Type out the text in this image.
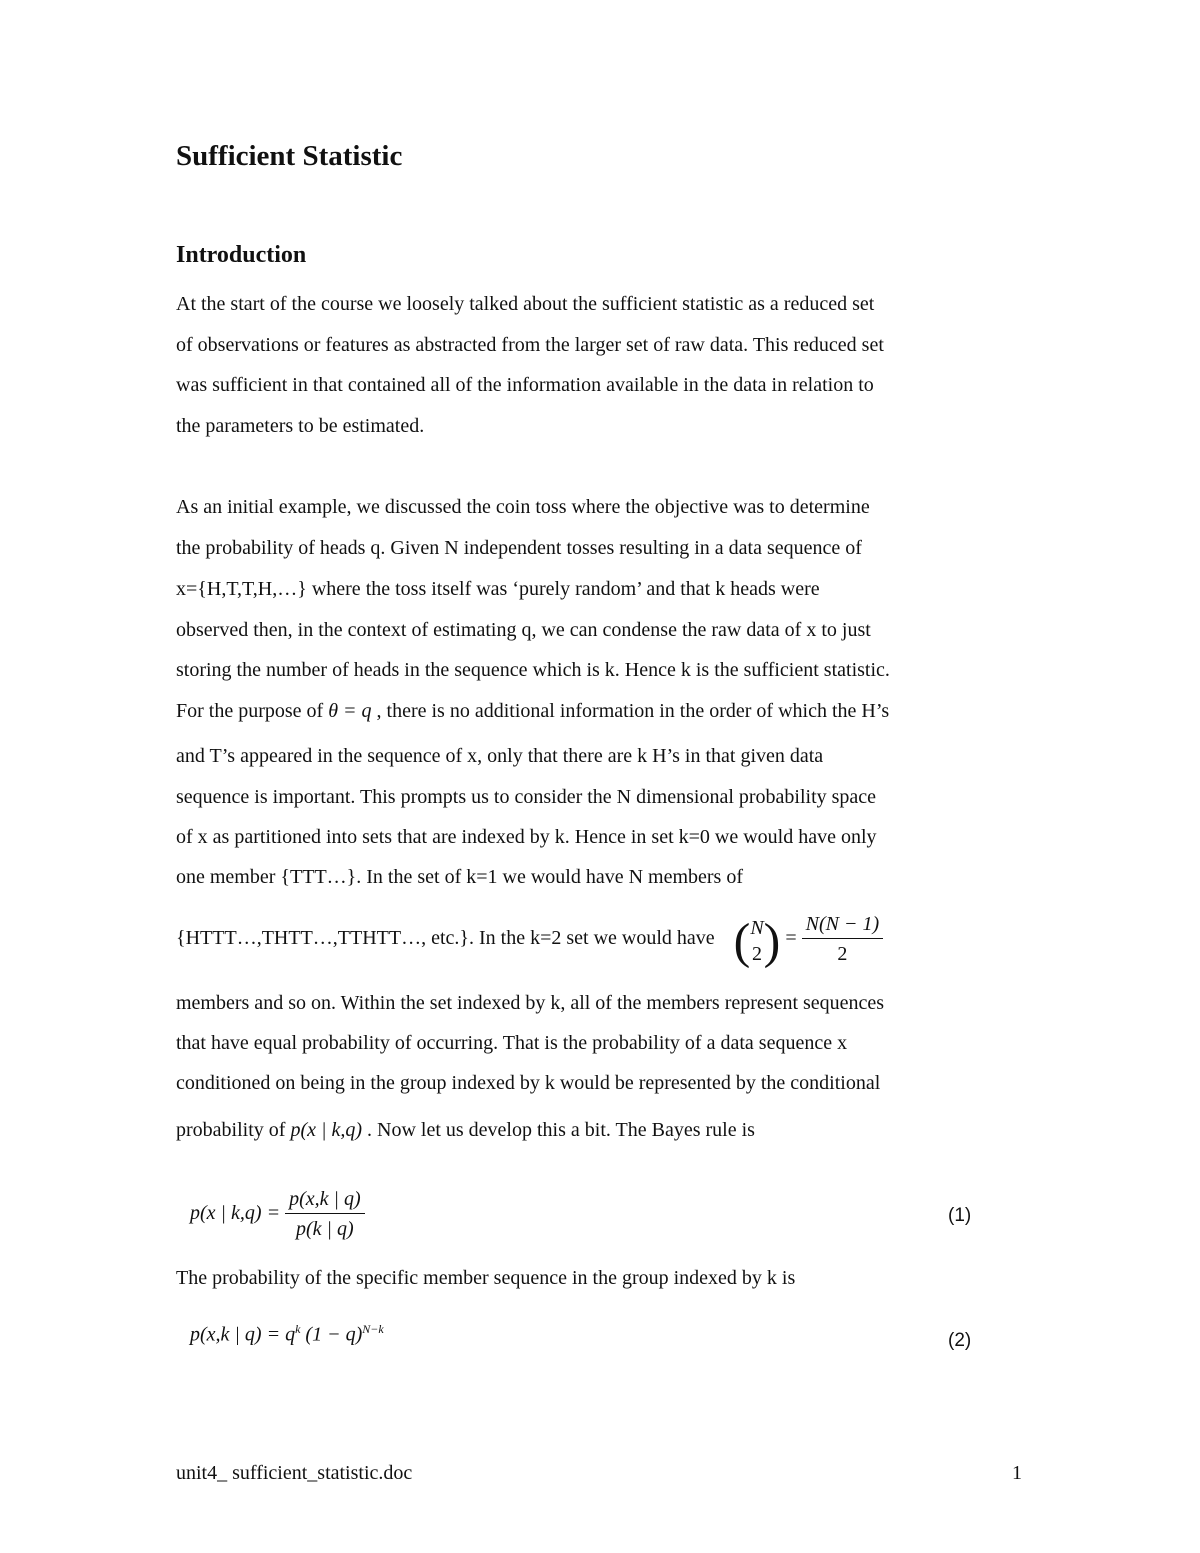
Sufficient Statistic
Introduction

At the start of the course we loosely talked about the sufficient statistic as a reduced set

of observations or features as abstracted from the larger set of raw data. This reduced set

was sufficient in that contained all of the information available in the data in relation to

the parameters to be estimated.

As an initial example, we discussed the coin toss where the objective was to determine

the probability of heads q. Given N independent tosses resulting in a data sequence of

x={H,T,T,H,…} where the toss itself was ‘purely random’ and that k heads were

observed then, in the context of estimating q, we can condense the raw data of x to just

storing the number of heads in the sequence which is k. Hence k is the sufficient statistic.

For the purpose of θ = q , there is no additional information in the order of which the H’s

and T’s appeared in the sequence of x, only that there are k H’s in that given data

sequence is important. This prompts us to consider the N dimensional probability space

of x as partitioned into sets that are indexed by k. Hence in set k=0 we would have only

one member {TTT…}. In the set of k=1 we would have N members of

{HTTT…,THTT…,TTHTT…, etc.}. In the k=2 set we would have ( N
2 ) = $\frac{N(N - 1)}{2}$

members and so on. Within the set indexed by k, all of the members represent sequences

that have equal probability of occurring. That is the probability of a data sequence x

conditioned on being in the group indexed by k would be represented by the conditional

probability of p(x | k,q) . Now let us develop this a bit. The Bayes rule is

p(x | $k,q) = \frac{p(x,k | q)}{p(k | q)}$	(1)

The probability of the specific member sequence in the group indexed by k is

p(x,k | $q) = q^k$ $(1 - q)^{N-k}$
(2)
unit4_ sufficient_statistic.doc	1
